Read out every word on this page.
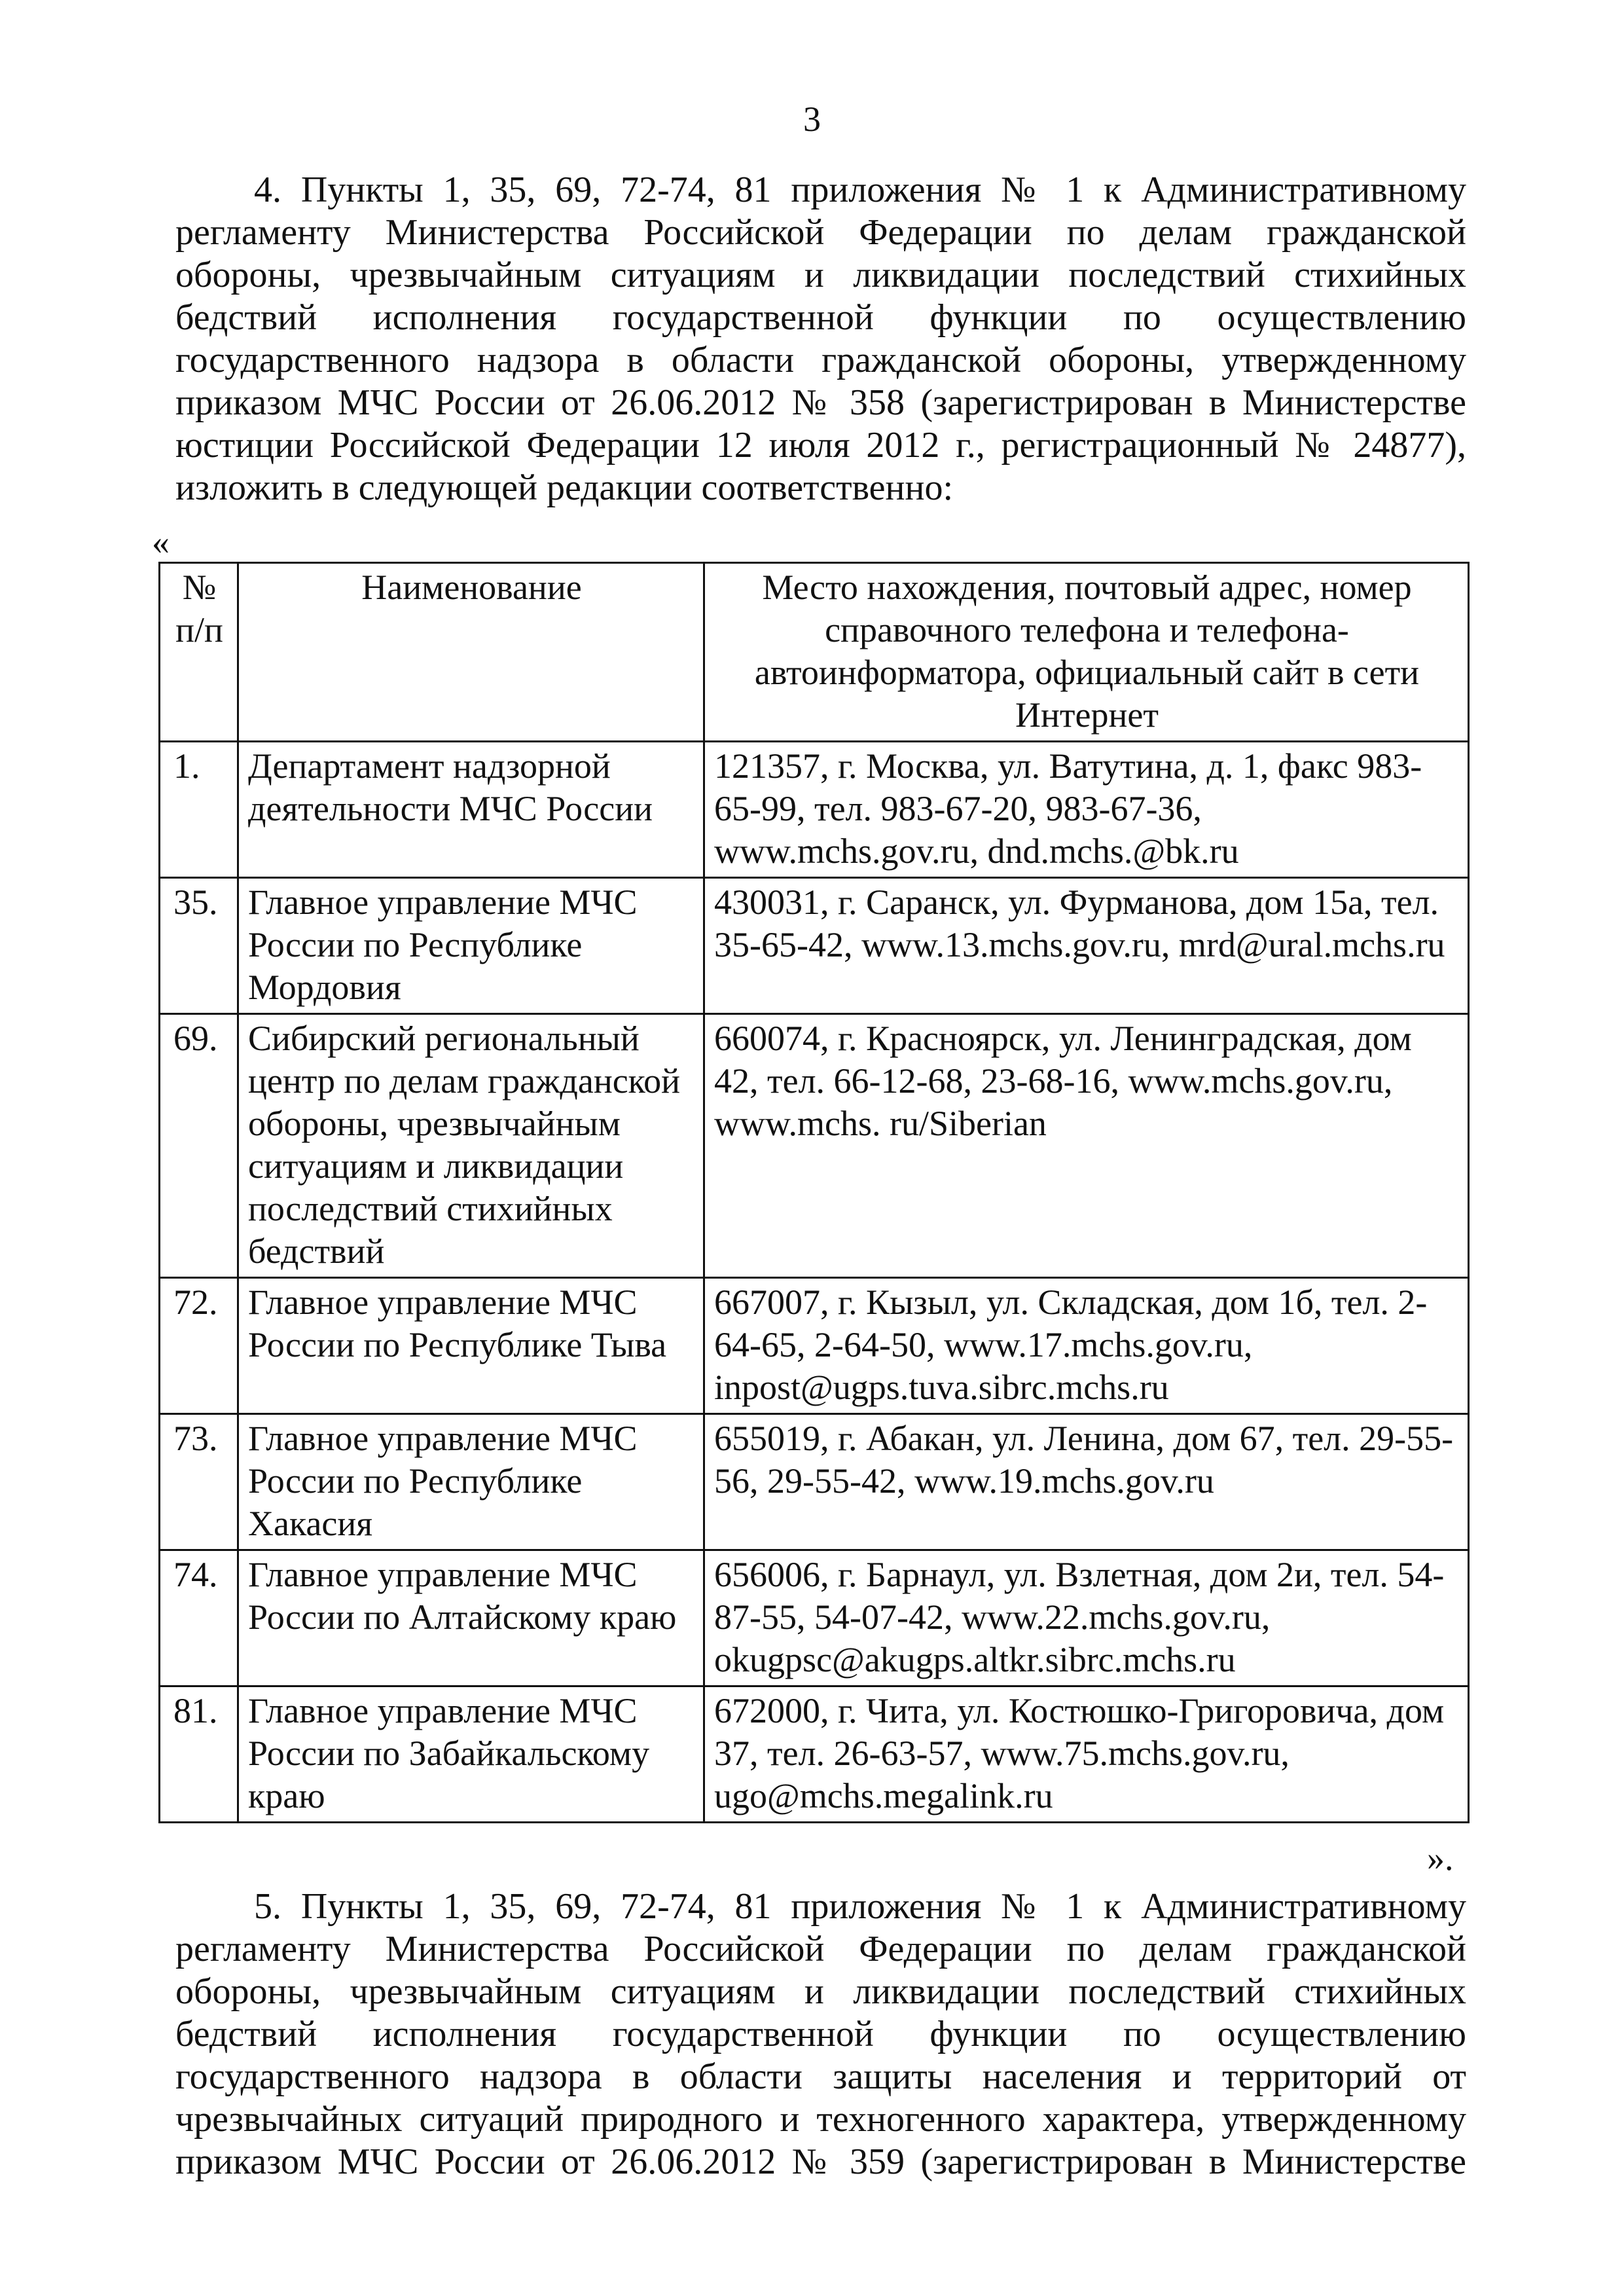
3
4. Пункты 1, 35, 69, 72-74, 81 приложения № 1 к Административному
регламенту Министерства Российской Федерации по делам гражданской
обороны, чрезвычайным ситуациям и ликвидации последствий стихийных
бедствий исполнения государственной функции по осуществлению
государственного надзора в области гражданской обороны, утвержденному
приказом МЧС России от 26.06.2012 № 358 (зарегистрирован в Министерстве
юстиции Российской Федерации 12 июля 2012 г., регистрационный № 24877),
изложить в следующей редакции соответственно:
«
№ п/п	Наименование	Место нахождения, почтовый адрес, номер справочного телефона и телефона-автоинформатора, официальный сайт в сети Интернет
1.	Департамент надзорной деятельности МЧС России	121357, г. Москва, ул. Ватутина, д. 1, факс 983-65-99, тел. 983-67-20, 983-67-36, www.mchs.gov.ru, dnd.mchs.@bk.ru
35.	Главное управление МЧС России по Республике Мордовия	430031, г. Саранск, ул. Фурманова, дом 15а, тел. 35-65-42, www.13.mchs.gov.ru, mrd@ural.mchs.ru
69.	Сибирский региональный центр по делам гражданской обороны, чрезвычайным ситуациям и ликвидации последствий стихийных бедствий	660074, г. Красноярск, ул. Ленинградская, дом 42, тел. 66-12-68, 23-68-16, www.mchs.gov.ru, www.mchs. ru/Siberian
72.	Главное управление МЧС России по Республике Тыва	667007, г. Кызыл, ул. Складская, дом 1б, тел. 2-64-65, 2-64-50, www.17.mchs.gov.ru, inpost@ugps.tuva.sibrc.mchs.ru
73.	Главное управление МЧС России по Республике Хакасия	655019, г. Абакан, ул. Ленина, дом 67, тел. 29-55-56, 29-55-42, www.19.mchs.gov.ru
74.	Главное управление МЧС России по Алтайскому краю	656006, г. Барнаул, ул. Взлетная, дом 2и, тел. 54-87-55, 54-07-42, www.22.mchs.gov.ru, okugpsc@akugps.altkr.sibrc.mchs.ru
81.	Главное управление МЧС России по Забайкальскому краю	672000, г. Чита, ул. Костюшко-Григоровича, дом 37, тел. 26-63-57, www.75.mchs.gov.ru, ugo@mchs.megalink.ru
».
5. Пункты 1, 35, 69, 72-74, 81 приложения № 1 к Административному
регламенту Министерства Российской Федерации по делам гражданской
обороны, чрезвычайным ситуациям и ликвидации последствий стихийных
бедствий исполнения государственной функции по осуществлению
государственного надзора в области защиты населения и территорий от
чрезвычайных ситуаций природного и техногенного характера, утвержденному
приказом МЧС России от 26.06.2012 № 359 (зарегистрирован в Министерстве
